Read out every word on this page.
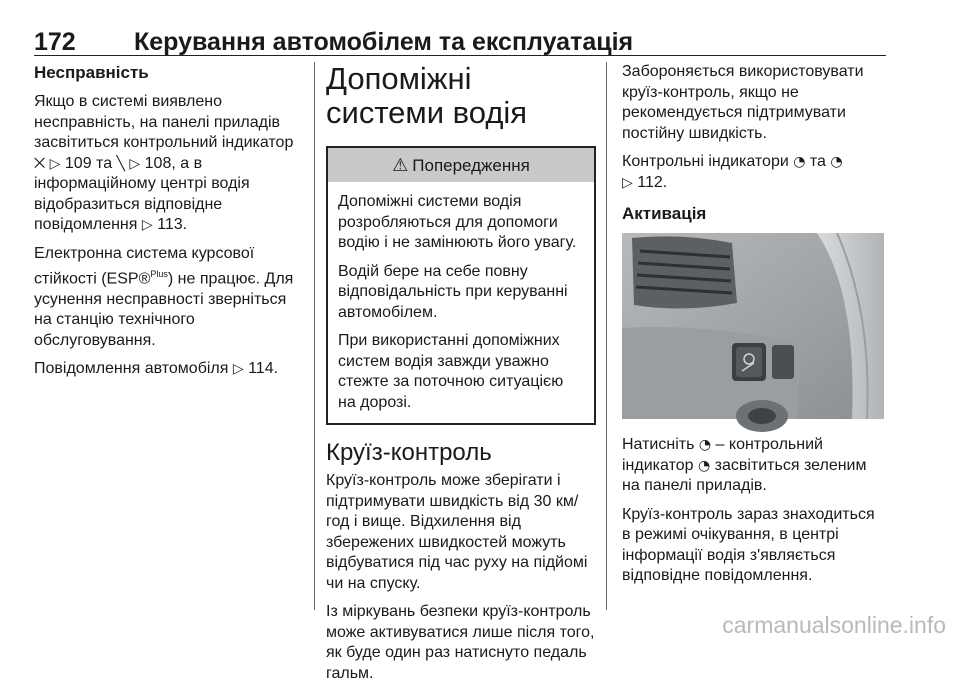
172 Керування автомобілем та експлуатація
Несправність

Якщо в системі виявлено несправність, на панелі приладів засвітиться контрольний індикатор ⨉ ▷ 109 та ╲ ▷ 108, а в інформаційному центрі водія відобразиться відповідне повідомлення ▷ 113.

Електронна система курсової стійкості (ESP®$^{Plus}$) не працює. Для усунення несправності зверніться на станцію технічного обслуговування.

Повідомлення автомобіля ▷ 114.

Допоміжні системи водія
⚠ Попередження

Допоміжні системи водія розробляються для допомоги водію і не замінюють його увагу.

Водій бере на себе повну відповідальність при керуванні автомобілем.

При використанні допоміжних систем водія завжди уважно стежте за поточною ситуацією на дорозі.

Круїз-контроль

Круїз-контроль може зберігати і підтримувати швидкість від 30 км/год і вище. Відхилення від збережених швидкостей можуть відбуватися під час руху на підйомі чи на спуску.

Із міркувань безпеки круїз-контроль може активуватися лише після того, як буде один раз натиснуто педаль гальм.

Забороняється використовувати круїз-контроль, якщо не рекомендується підтримувати постійну швидкість.

Контрольні індикатори ◔ та ◔
▷ 112.

Активація

Натисніть ◔ – контрольний індикатор ◔ засвітиться зеленим на панелі приладів.

Круїз-контроль зараз знаходиться в режимі очікування, в центрі інформації водія з'являється відповідне повідомлення.

carmanualsonline.info
